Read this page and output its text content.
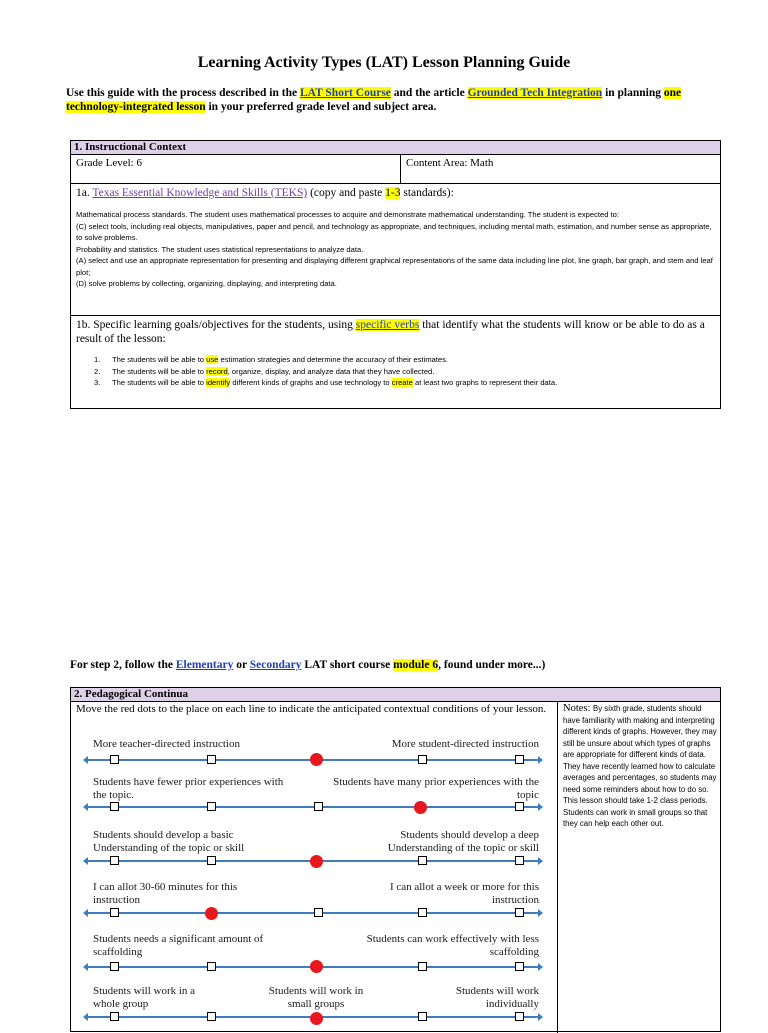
Learning Activity Types (LAT) Lesson Planning Guide
Use this guide with the process described in the LAT Short Course and the article Grounded Tech Integration in planning one technology-integrated lesson in your preferred grade level and subject area.
1. Instructional Context
Grade Level: 6	Content Area: Math
1a. Texas Essential Knowledge and Skills (TEKS) (copy and paste 1-3 standards):
Mathematical process standards. The student uses mathematical processes to acquire and demonstrate mathematical understanding. The student is expected to:
(C) select tools, including real objects, manipulatives, paper and pencil, and technology as appropriate, and techniques, including mental math, estimation, and number sense as appropriate, to solve problems.
Probability and statistics. The student uses statistical representations to analyze data.
(A) select and use an appropriate representation for presenting and displaying different graphical representations of the same data including line plot, line graph, bar graph, and stem and leaf plot;
(D) solve problems by collecting, organizing, displaying, and interpreting data.
1b. Specific learning goals/objectives for the students, using specific verbs that identify what the students will know or be able to do as a result of the lesson:
1. The students will be able to use estimation strategies and determine the accuracy of their estimates.
2. The students will be able to record, organize, display, and analyze data that they have collected.
3. The students will be able to identify different kinds of graphs and use technology to create at least two graphs to represent their data.
For step 2, follow the Elementary or Secondary LAT short course module 6, found under more...)
2. Pedagogical Continua
Move the red dots to the place on each line to indicate the anticipated contextual conditions of your lesson.	Notes: By sixth grade, students should have familiarity with making and interpreting different kinds of graphs. However, they may still be unsure about which types of graphs are appropriate for different kinds of data. They have recently learned how to calculate averages and percentages, so students may need some reminders about how to do so. This lesson should take 1-2 class periods. Students can work in small groups so that they can help each other out.
More teacher-directed instruction	More student-directed instruction
Students have fewer prior experiences with the topic.
Students have many prior experiences with the topic
Students should develop a basic Understanding of the topic or skill
Students should develop a deep Understanding of the topic or skill
I can allot 30-60 minutes for this instruction
I can allot a week or more for this instruction
Students needs a significant amount of scaffolding
Students can work effectively with less scaffolding
Students will work in a whole group
Students will work in small groups
Students will work individually
